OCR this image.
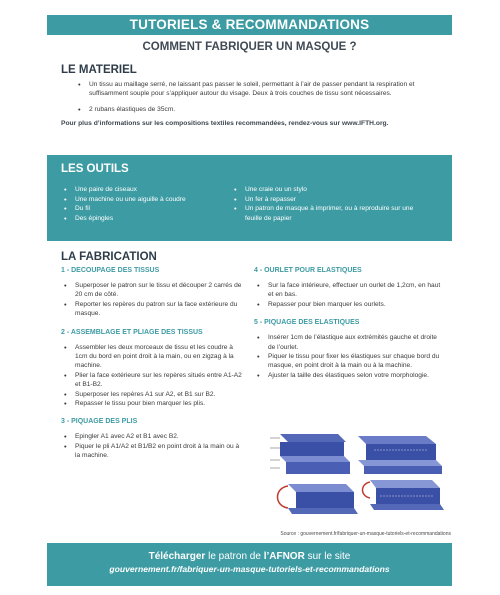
TUTORIELS & RECOMMANDATIONS
COMMENT FABRIQUER UN MASQUE ?
LE MATERIEL
• Un tissu au maillage serré, ne laissant pas passer le soleil, permettant à l’air de passer pendant la respiration et suffisamment souple pour s’appliquer autour du visage. Deux à trois couches de tissu sont nécessaires.
• 2 rubans élastiques de 35cm.
Pour plus d’informations sur les compositions textiles recommandées, rendez-vous sur www.IFTH.org.
LES OUTILS
• Une paire de ciseaux
• Une machine ou une aiguille à coudre
• Du fil
• Des épingles
• Une craie ou un stylo
• Un fer à repasser
• Un patron de masque à imprimer, ou à reproduire sur une feuille de papier
LA FABRICATION

1 - DECOUPAGE DES TISSUS

• Superposer le patron sur le tissu et découper 2 carrés de 20 cm de côté.
• Reporter les repères du patron sur la face extérieure du masque.

2 - ASSEMBLAGE ET PLIAGE DES TISSUS

• Assembler les deux morceaux de tissu et les coudre à 1cm du bord en point droit à la main, ou en zigzag à la machine.
• Plier la face extérieure sur les repères situés entre A1-A2 et B1-B2.
• Superposer les repères A1 sur A2, et B1 sur B2.
• Repasser le tissu pour bien marquer les plis.

3 - PIQUAGE DES PLIS

• Epingler A1 avec A2 et B1 avec B2.
• Piquer le pli A1/A2 et B1/B2 en point droit à la main ou à la machine.

4 - OURLET POUR ELASTIQUES

• Sur la face intérieure, effectuer un ourlet de 1,2cm, en haut et en bas.
• Repasser pour bien marquer les ourlets.

5 - PIQUAGE DES ELASTIQUES

• Insérer 1cm de l’élastique aux extrémités gauche et droite de l’ourlet.
• Piquer le tissu pour fixer les élastiques sur chaque bord du masque, en point droit à la main ou à la machine.
• Ajuster la taille des élastiques selon votre morphologie.
Source : gouvernement.fr/fabriquer-un-masque-tutoriels-et-recommandations
Télécharger le patron de l’AFNOR sur le site
gouvernement.fr/fabriquer-un-masque-tutoriels-et-recommandations
